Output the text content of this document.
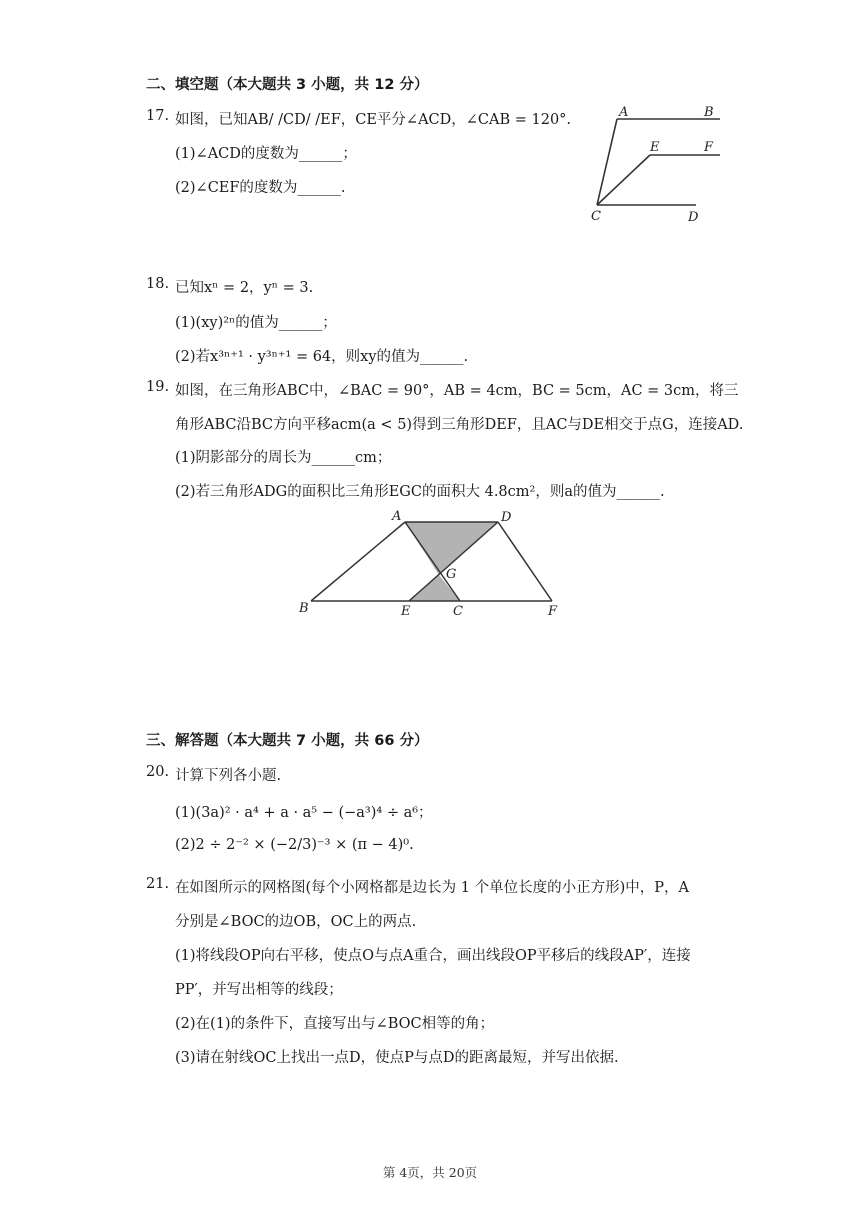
二、填空题（本大题共 3 小题，共 12 分）
17. 如图，已知AB/ /CD/ /EF，CE平分∠ACD，∠CAB = 120°.
(1)∠ACD的度数为______；
(2)∠CEF的度数为______.
A	B
E	F
C	D
18. 已知xⁿ = 2，yⁿ = 3.
(1)(xy)²ⁿ的值为______；
(2)若x³ⁿ⁺¹ · y³ⁿ⁺¹ = 64，则xy的值为______.
19. 如图，在三角形ABC中，∠BAC = 90°，AB = 4cm，BC = 5cm，AC = 3cm，将三
角形ABC沿BC方向平移acm(a < 5)得到三角形DEF，且AC与DE相交于点G，连接AD.
(1)阴影部分的周长为______cm；
(2)若三角形ADG的面积比三角形EGC的面积大 4.8cm²，则a的值为______.
A	D
G
B	E	C	F
三、解答题（本大题共 7 小题，共 66 分）
20. 计算下列各小题.
(1)(3a)² · a⁴ + a · a⁵ − (−a³)⁴ ÷ a⁶；
(2)2 ÷ 2⁻² × (−2/3)⁻³ × (π − 4)⁰.
21. 在如图所示的网格图(每个小网格都是边长为 1 个单位长度的小正方形)中，P，A
分别是∠BOC的边OB，OC上的两点.
(1)将线段OP向右平移，使点O与点A重合，画出线段OP平移后的线段AP′，连接
PP′，并写出相等的线段；
(2)在(1)的条件下，直接写出与∠BOC相等的角；
(3)请在射线OC上找出一点D，使点P与点D的距离最短，并写出依据.
第 4页，共 20页
